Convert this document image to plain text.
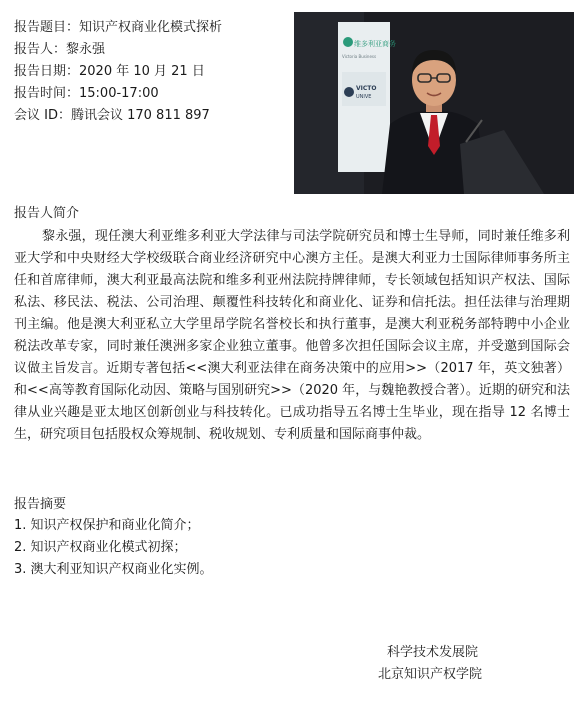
报告题目：知识产权商业化模式探析
报告人：黎永强
报告日期：2020 年 10 月 21 日
报告时间：15:00-17:00
会议 ID：腾讯会议 170 811 897
维多利亚商务
Victoria Business
VICTO
UNIVE
报告人简介

黎永强，现任澳大利亚维多利亚大学法律与司法学院研究员和博士生导师，同时兼任维多利亚大学和中央财经大学校级联合商业经济研究中心澳方主任。是澳大利亚力士国际律师事务所主任和首席律师，澳大利亚最高法院和维多利亚州法院持牌律师，专长领域包括知识产权法、国际私法、移民法、税法、公司治理、颠覆性科技转化和商业化、证券和信托法。担任法律与治理期刊主编。他是澳大利亚私立大学里昂学院名誉校长和执行董事，是澳大利亚税务部特聘中小企业税法改革专家，同时兼任澳洲多家企业独立董事。他曾多次担任国际会议主席，并受邀到国际会议做主旨发言。近期专著包括<<澳大利亚法律在商务决策中的应用>>（2017 年，英文独著）和<<高等教育国际化动因、策略与国别研究>>（2020 年，与魏艳教授合著）。近期的研究和法律从业兴趣是亚太地区创新创业与科技转化。已成功指导五名博士生毕业，现在指导 12 名博士生，研究项目包括股权众筹规制、税收规划、专利质量和国际商事仲裁。

报告摘要
1. 知识产权保护和商业化简介；
2. 知识产权商业化模式初探；
3. 澳大利亚知识产权商业化实例。
科学技术发展院
北京知识产权学院
